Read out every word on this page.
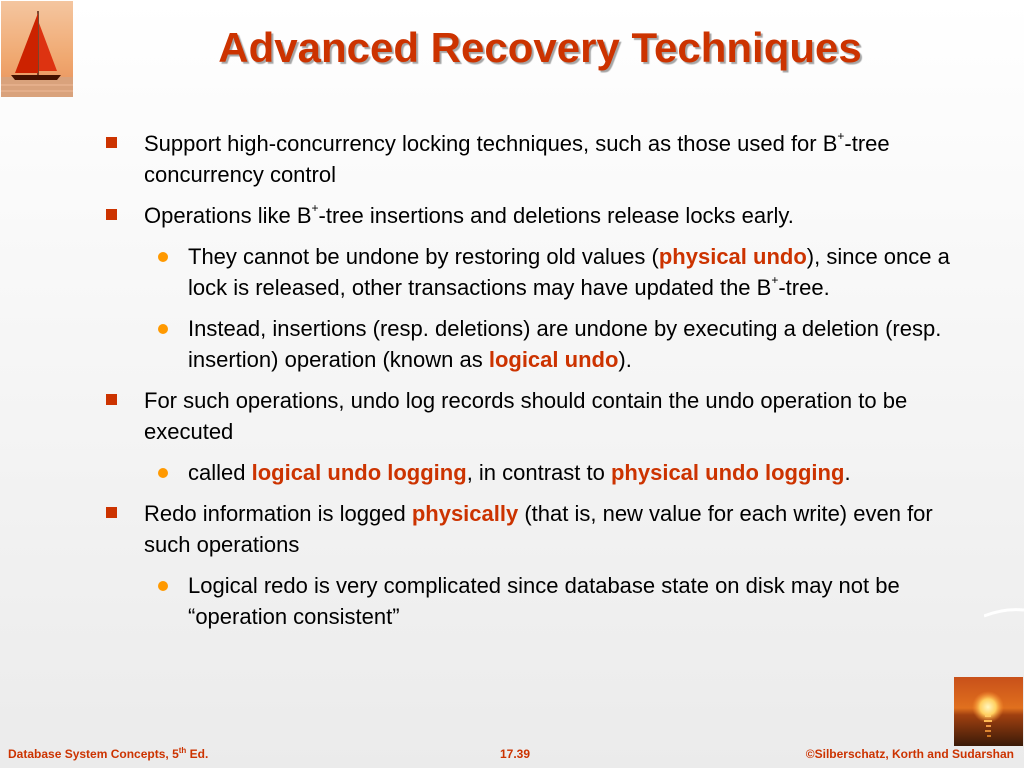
Advanced Recovery Techniques
Support high-concurrency locking techniques, such as those used for B+-tree concurrency control
Operations like B+-tree insertions and deletions release locks early.
They cannot be undone by restoring old values (physical undo), since once a lock is released, other transactions may have updated the B+-tree.
Instead, insertions (resp. deletions) are undone by executing a deletion (resp. insertion) operation (known as logical undo).
For such operations, undo log records should contain the undo operation to be executed
called logical undo logging, in contrast to physical undo logging.
Redo information is logged physically (that is, new value for each write) even for such operations
Logical redo is very complicated since database state on disk may not be “operation consistent”
Database System Concepts, 5th Ed.	17.39	©Silberschatz, Korth and Sudarshan
